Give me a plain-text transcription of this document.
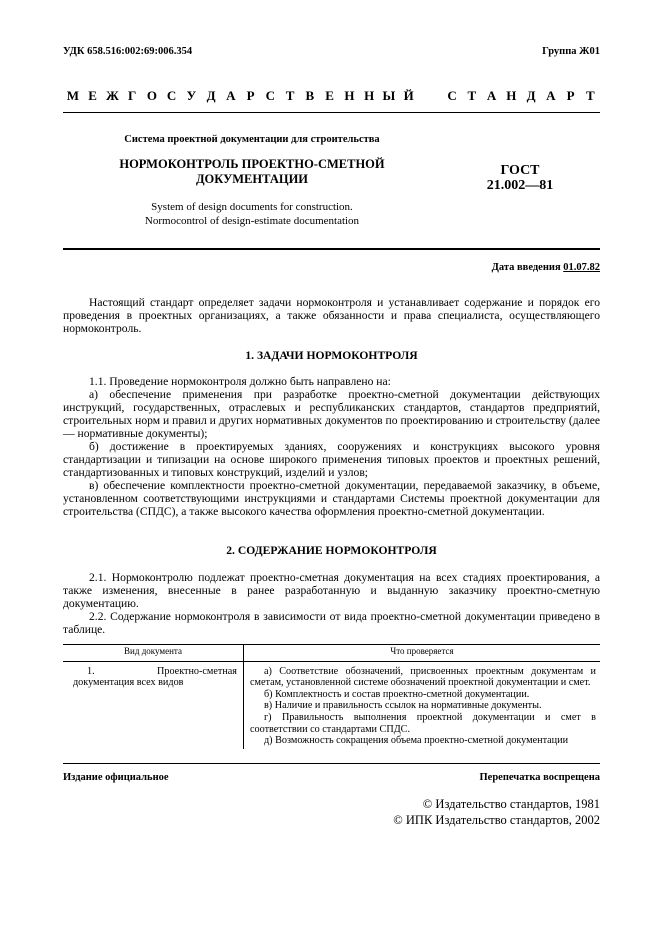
УДК 658.516:002:69:006.354	Группа Ж01
М Е Ж Г О С У Д А Р С Т В Е Н Н Ы Й	С Т А Н Д А Р Т
Система проектной документации для строительства
НОРМОКОНТРОЛЬ ПРОЕКТНО-СМЕТНОЙ
ДОКУМЕНТАЦИИ
ГОСТ
21.002—81
System of design documents for construction.
Normocontrol of design-estimate documentation
Дата введения 01.07.82

Настоящий стандарт определяет задачи нормоконтроля и устанавливает содержание и порядок его проведения в проектных организациях, а также обязанности и права специалиста, осуществляющего нормоконтроль.

1. ЗАДАЧИ НОРМОКОНТРОЛЯ

1.1. Проведение нормоконтроля должно быть направлено на:

а) обеспечение применения при разработке проектно-сметной документации действующих инструкций, государственных, отраслевых и республиканских стандартов, стандартов предприятий, строительных норм и правил и других нормативных документов по проектированию и строительству (далее — нормативные документы);

б) достижение в проектируемых зданиях, сооружениях и конструкциях высокого уровня стандартизации и типизации на основе широкого применения типовых проектов и проектных решений, стандартизованных и типовых конструкций, изделий и узлов;

в) обеспечение комплектности проектно-сметной документации, передаваемой заказчику, в объеме, установленном соответствующими инструкциями и стандартами Системы проектной документации для строительства (СПДС), а также высокого качества оформления проектно-сметной документации.

2. СОДЕРЖАНИЕ НОРМОКОНТРОЛЯ

2.1. Нормоконтролю подлежат проектно-сметная документация на всех стадиях проектирования, а также изменения, внесенные в ранее разработанную и выданную заказчику проектно-сметную документацию.

2.2. Содержание нормоконтроля в зависимости от вида проектно-сметной документации приведено в таблице.

Вид документа	Что проверяется

1. Проектно-сметная документация всех видов	а) Соответствие обозначений, присвоенных проектным документам и сметам, установленной системе обозначений проектной документации и смет.

б) Комплектность и состав проектно-сметной документации.

в) Наличие и правильность ссылок на нормативные документы.

г) Правильность выполнения проектной документации и смет в соответствии со стандартами СПДС.

д) Возможность сокращения объема проектно-сметной документации

Издание официальное	Перепечатка воспрещена
© Издательство стандартов, 1981
© ИПК Издательство стандартов, 2002
